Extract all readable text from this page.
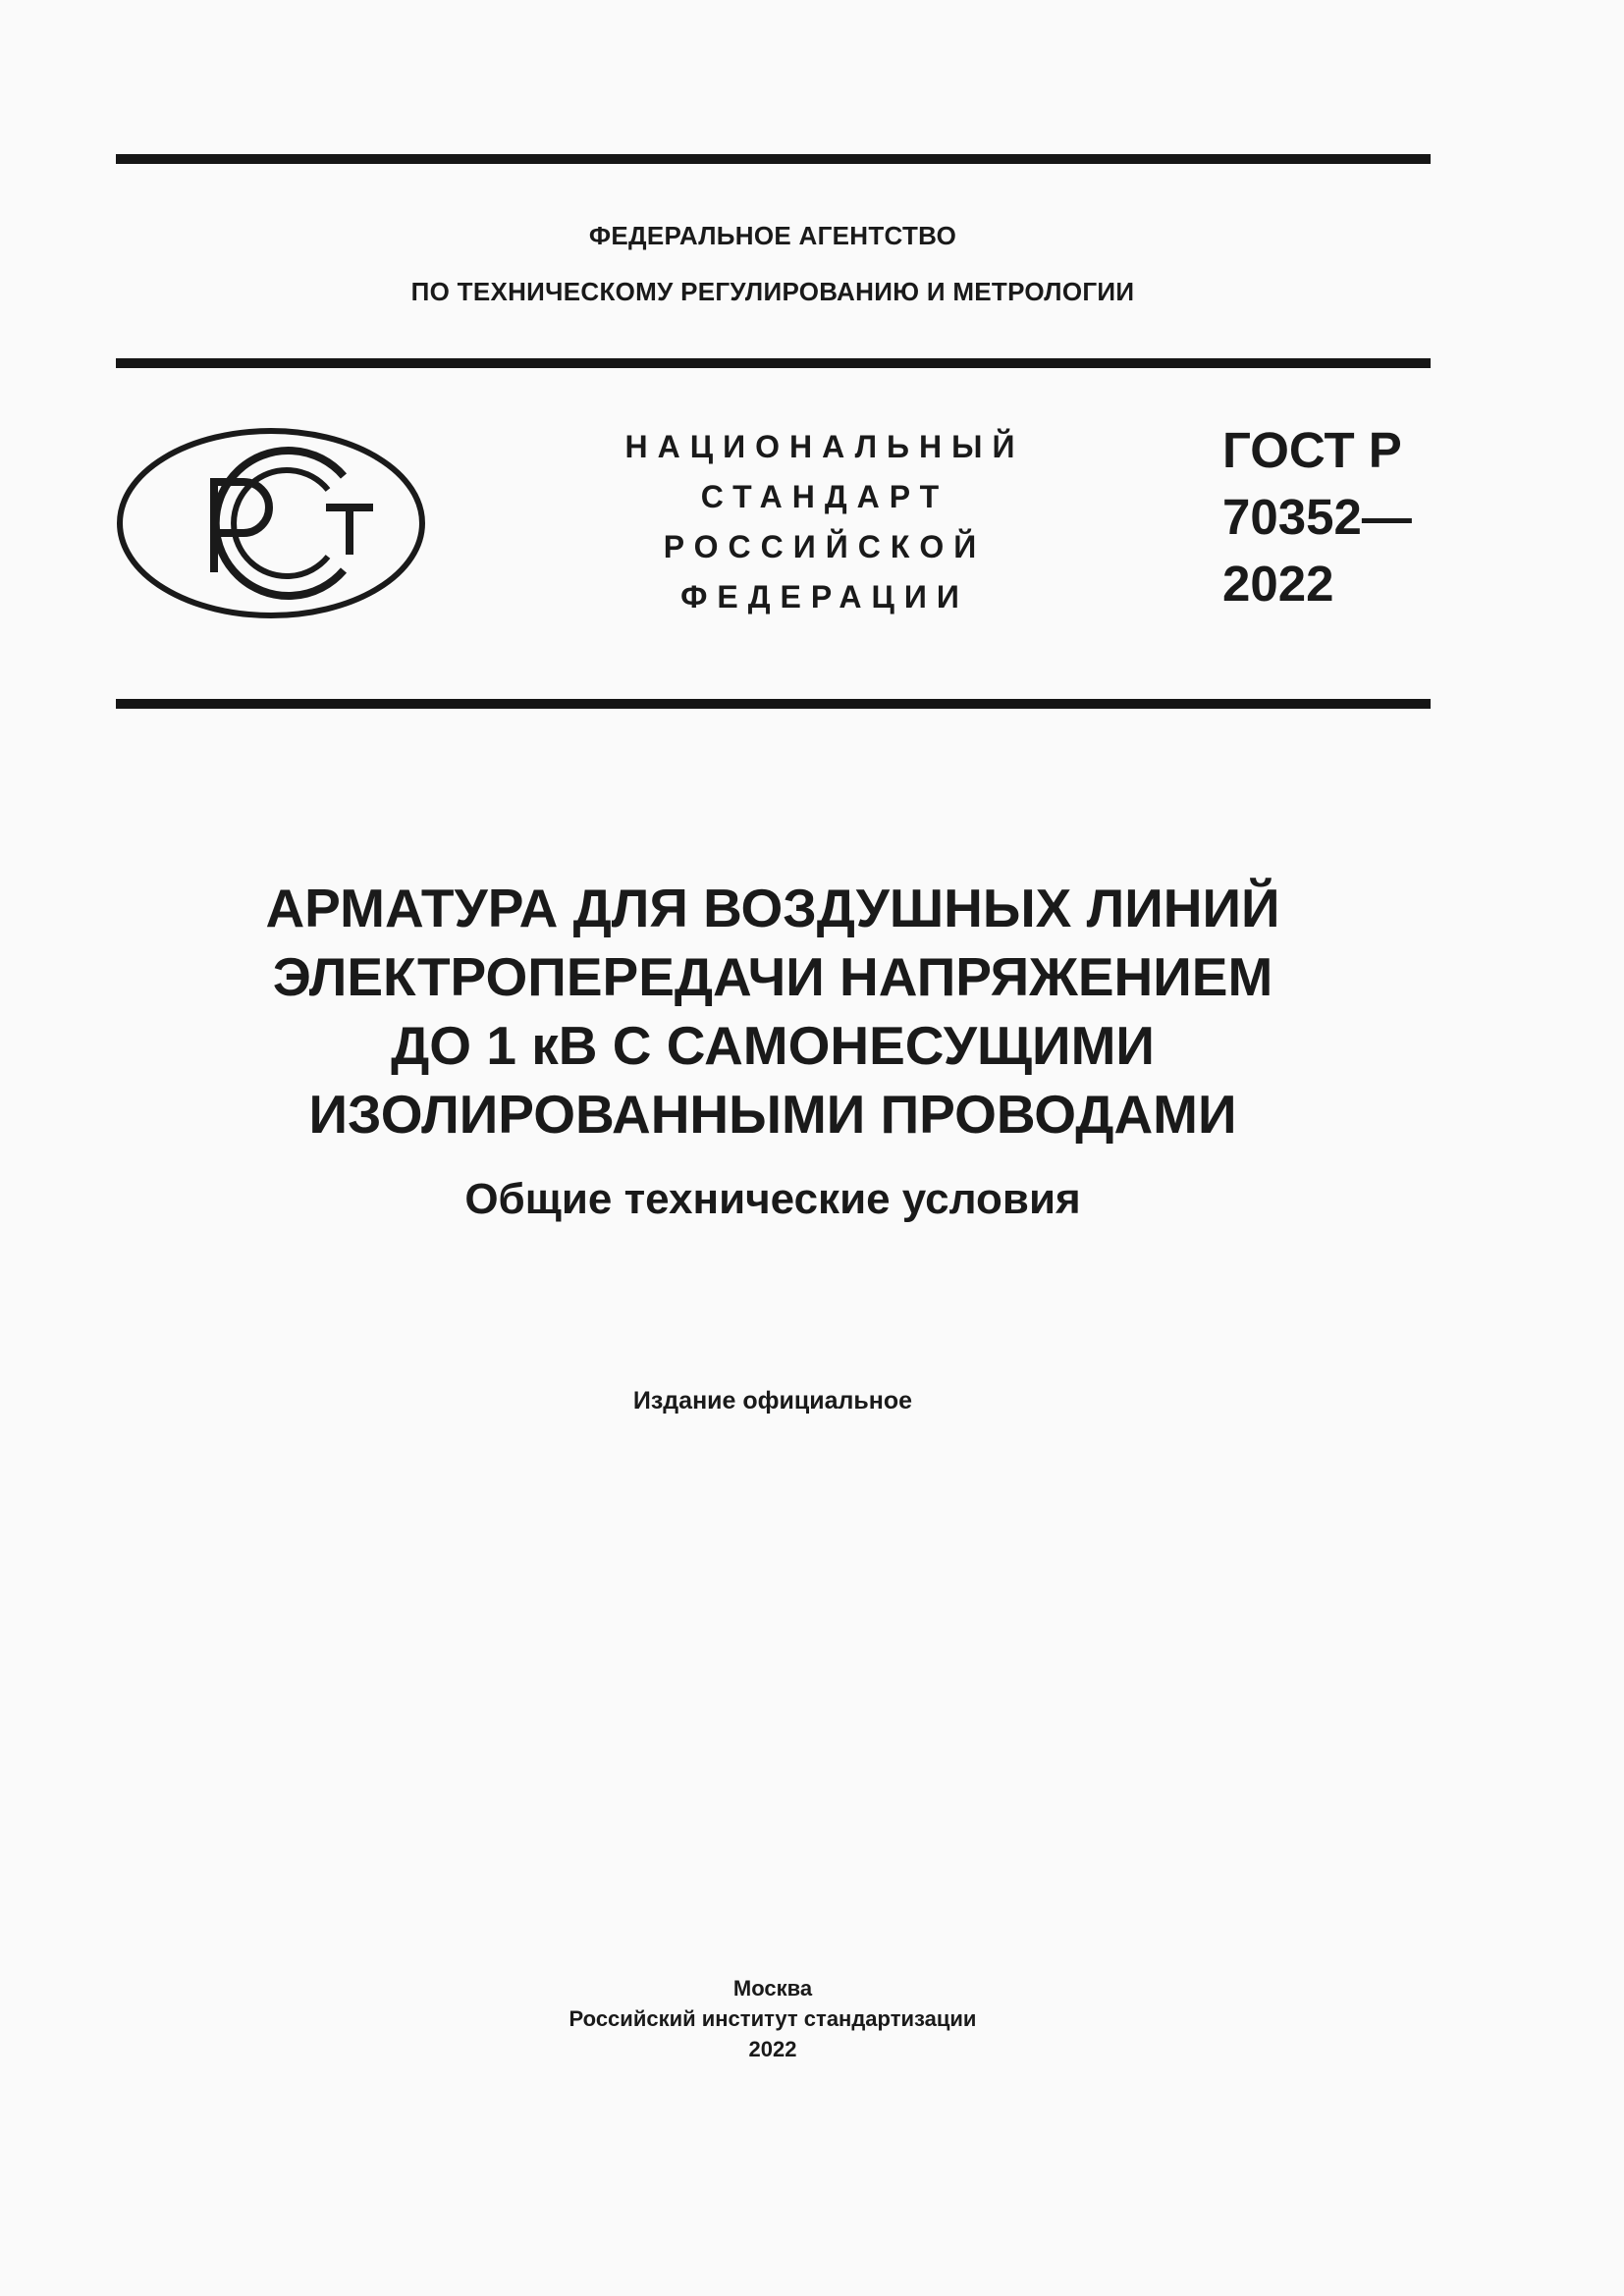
ФЕДЕРАЛЬНОЕ АГЕНТСТВО
ПО ТЕХНИЧЕСКОМУ РЕГУЛИРОВАНИЮ И МЕТРОЛОГИИ
НАЦИОНАЛЬНЫЙ
СТАНДАРТ
РОССИЙСКОЙ
ФЕДЕРАЦИИ
ГОСТ Р
70352—
2022
АРМАТУРА ДЛЯ ВОЗДУШНЫХ ЛИНИЙ
ЭЛЕКТРОПЕРЕДАЧИ НАПРЯЖЕНИЕМ
ДО 1 кВ С САМОНЕСУЩИМИ
ИЗОЛИРОВАННЫМИ ПРОВОДАМИ
Общие технические условия
Издание официальное
Москва
Российский институт стандартизации
2022
